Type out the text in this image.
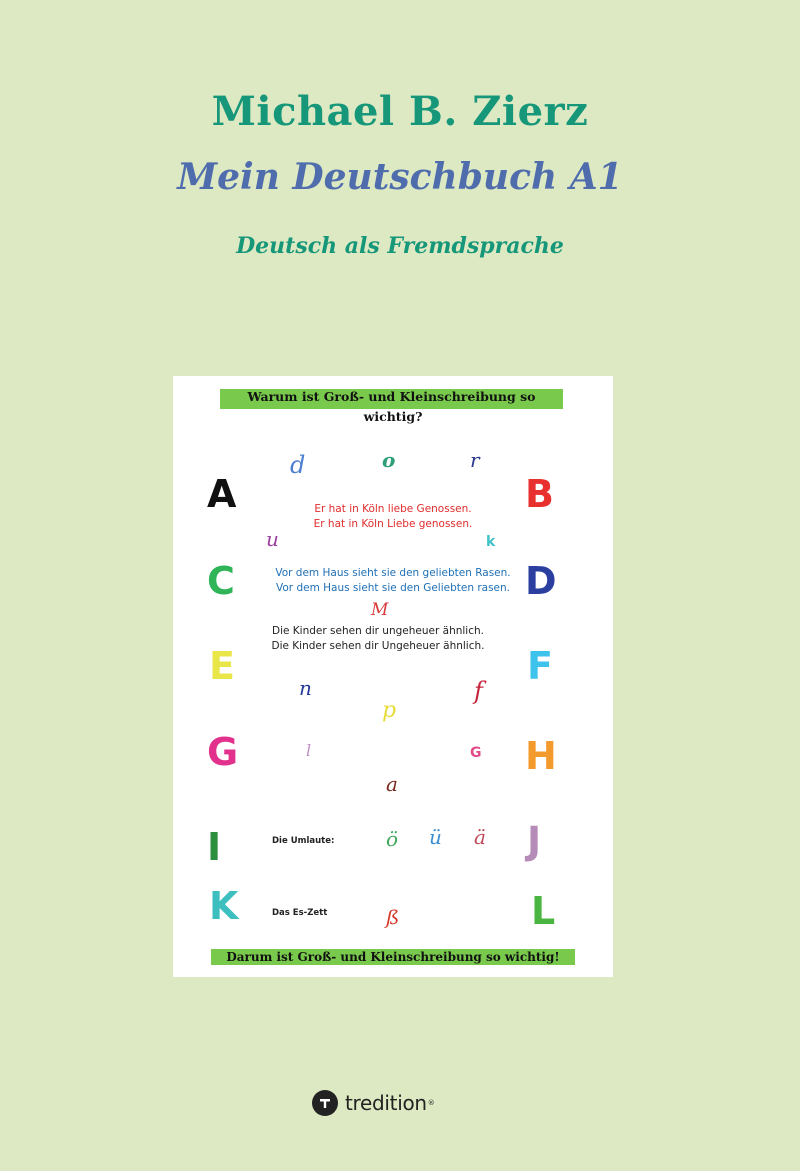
Michael B. Zierz
Mein Deutschbuch A1
Deutsch als Fremdsprache
Warum ist Groß- und Kleinschreibung so
wichtig?
A	B
C	D
E	F
G	H
I	J
K	L
d	o	r
u	k
M
n	f
p
l	G
a
ö ü ä
ß
Er hat in Köln liebe Genossen.
Er hat in Köln Liebe genossen.
Vor dem Haus sieht sie den geliebten Rasen.
Vor dem Haus sieht sie den Geliebten rasen.
Die Kinder sehen dir ungeheuer ähnlich.
Die Kinder sehen dir Ungeheuer ähnlich.
Die Umlaute:
Das Es-Zett
Darum ist Groß- und Kleinschreibung so wichtig!
tredition ®
